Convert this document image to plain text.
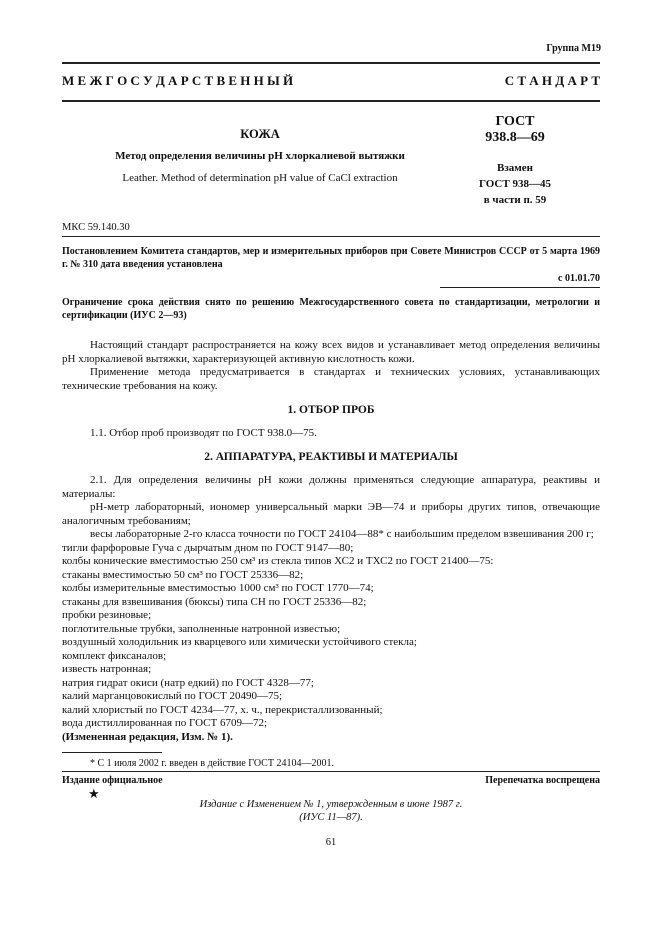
Группа М19
М Е Ж Г О С У Д А Р С Т В Е Н Н Ы Й	С Т А Н Д А Р Т
КОЖА
Метод определения величины рН хлоркалиевой вытяжки
Leather. Method of determination pH value of CaCl extraction
ГОСТ
938.8—69
Взамен
ГОСТ 938—45
в части п. 59
МКС 59.140.30
Постановлением Комитета стандартов, мер и измерительных приборов при Совете Министров СССР от 5 марта 1969 г. № 310 дата введения установлена
с 01.01.70
Ограничение срока действия снято по решению Межгосударственного совета по стандартизации, метрологии и сертификации (ИУС 2—93)

Настоящий стандарт распространяется на кожу всех видов и устанавливает метод определения величины рН хлоркалиевой вытяжки, характеризующей активную кислотность кожи.

Применение метода предусматривается в стандартах и технических условиях, устанавливающих технические требования на кожу.

1. ОТБОР ПРОБ

1.1. Отбор проб производят по ГОСТ 938.0—75.

2. АППАРАТУРА, РЕАКТИВЫ И МАТЕРИАЛЫ

2.1. Для определения величины рН кожи должны применяться следующие аппаратура, реактивы и материалы:

рН-метр лабораторный, иономер универсальный марки ЭВ—74 и приборы других типов, отвечающие аналогичным требованиям;

весы лабораторные 2-го класса точности по ГОСТ 24104—88* с наибольшим пределом взвешивания 200 г;

тигли фарфоровые Гуча с дырчатым дном по ГОСТ 9147—80;

колбы конические вместимостью 250 см³ из стекла типов ХС2 и ТХС2 по ГОСТ 21400—75:

стаканы вместимостью 50 см³ по ГОСТ 25336—82;

колбы измерительные вместимостью 1000 см³ по ГОСТ 1770—74;

стаканы для взвешивания (бюксы) типа СН по ГОСТ 25336—82;

пробки резиновые;

поглотительные трубки, заполненные натронной известью;

воздушный холодильник из кварцевого или химически устойчивого стекла;

комплект фиксаналов;

известь натронная;

натрия гидрат окиси (натр едкий) по ГОСТ 4328—77;

калий марганцовокислый по ГОСТ 20490—75;

калий хлористый по ГОСТ 4234—77, х. ч., перекристаллизованный;

вода дистиллированная по ГОСТ 6709—72;

(Измененная редакция, Изм. № 1).

* С 1 июля 2002 г. введен в действие ГОСТ 24104—2001.
Издание официальное	Перепечатка воспрещена
★
Издание с Изменением № 1, утвержденным в июне 1987 г.
(ИУС 11—87).
61
